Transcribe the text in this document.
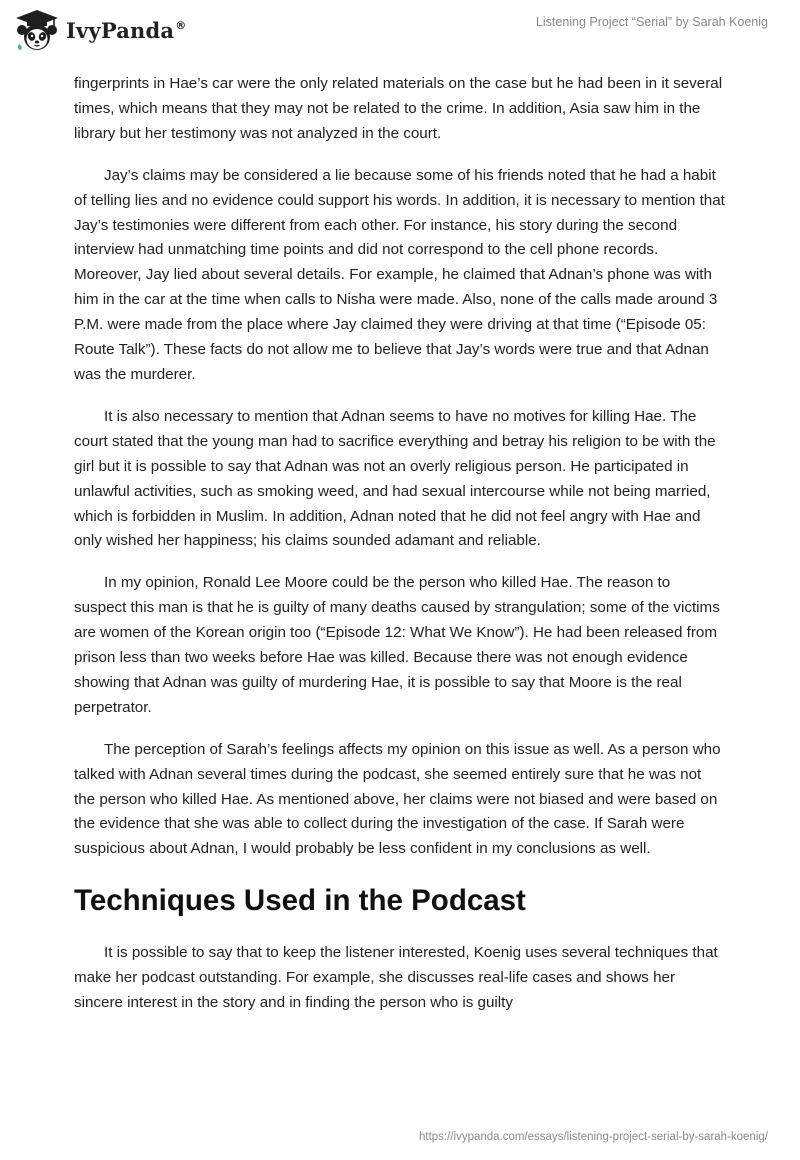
IvyPanda®	Listening Project “Serial” by Sarah Koenig

fingerprints in Hae’s car were the only related materials on the case but he had been in it several times, which means that they may not be related to the crime. In addition, Asia saw him in the library but her testimony was not analyzed in the court.

Jay’s claims may be considered a lie because some of his friends noted that he had a habit of telling lies and no evidence could support his words. In addition, it is necessary to mention that Jay’s testimonies were different from each other. For instance, his story during the second interview had unmatching time points and did not correspond to the cell phone records. Moreover, Jay lied about several details. For example, he claimed that Adnan’s phone was with him in the car at the time when calls to Nisha were made. Also, none of the calls made around 3 P.M. were made from the place where Jay claimed they were driving at that time (“Episode 05: Route Talk”). These facts do not allow me to believe that Jay’s words were true and that Adnan was the murderer.

It is also necessary to mention that Adnan seems to have no motives for killing Hae. The court stated that the young man had to sacrifice everything and betray his religion to be with the girl but it is possible to say that Adnan was not an overly religious person. He participated in unlawful activities, such as smoking weed, and had sexual intercourse while not being married, which is forbidden in Muslim. In addition, Adnan noted that he did not feel angry with Hae and only wished her happiness; his claims sounded adamant and reliable.

In my opinion, Ronald Lee Moore could be the person who killed Hae. The reason to suspect this man is that he is guilty of many deaths caused by strangulation; some of the victims are women of the Korean origin too (“Episode 12: What We Know”). He had been released from prison less than two weeks before Hae was killed. Because there was not enough evidence showing that Adnan was guilty of murdering Hae, it is possible to say that Moore is the real perpetrator.

The perception of Sarah’s feelings affects my opinion on this issue as well. As a person who talked with Adnan several times during the podcast, she seemed entirely sure that he was not the person who killed Hae. As mentioned above, her claims were not biased and were based on the evidence that she was able to collect during the investigation of the case. If Sarah were suspicious about Adnan, I would probably be less confident in my conclusions as well.

Techniques Used in the Podcast

It is possible to say that to keep the listener interested, Koenig uses several techniques that make her podcast outstanding. For example, she discusses real-life cases and shows her sincere interest in the story and in finding the person who is guilty

https://ivypanda.com/essays/listening-project-serial-by-sarah-koenig/
